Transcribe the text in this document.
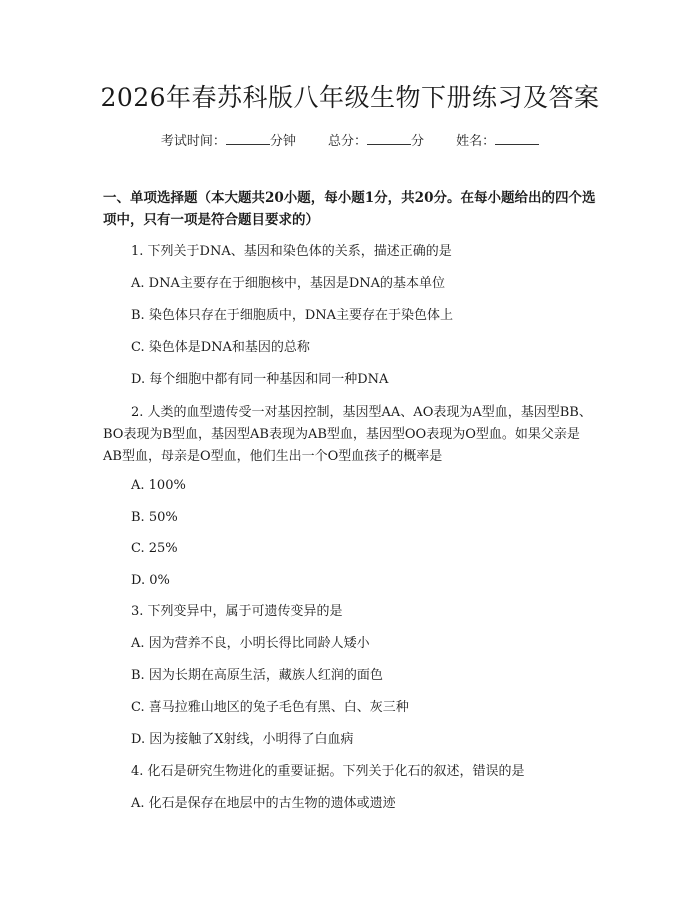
2026年春苏科版八年级生物下册练习及答案
考试时间：	分钟 总分：	分 姓名：
一、单项选择题（本大题共20小题，每小题1分，共20分。在每小题给出的四个选项中，只有一项是符合题目要求的）
1. 下列关于DNA、基因和染色体的关系，描述正确的是
A. DNA主要存在于细胞核中，基因是DNA的基本单位
B. 染色体只存在于细胞质中，DNA主要存在于染色体上
C. 染色体是DNA和基因的总称
D. 每个细胞中都有同一种基因和同一种DNA
2. 人类的血型遗传受一对基因控制，基因型AA、AO表现为A型血，基因型BB、BO表现为B型血，基因型AB表现为AB型血，基因型OO表现为O型血。如果父亲是AB型血，母亲是O型血，他们生出一个O型血孩子的概率是
A. 100%
B. 50%
C. 25%
D. 0%
3. 下列变异中，属于可遗传变异的是
A. 因为营养不良，小明长得比同龄人矮小
B. 因为长期在高原生活，藏族人红润的面色
C. 喜马拉雅山地区的兔子毛色有黑、白、灰三种
D. 因为接触了X射线，小明得了白血病
4. 化石是研究生物进化的重要证据。下列关于化石的叙述，错误的是
A. 化石是保存在地层中的古生物的遗体或遗迹
